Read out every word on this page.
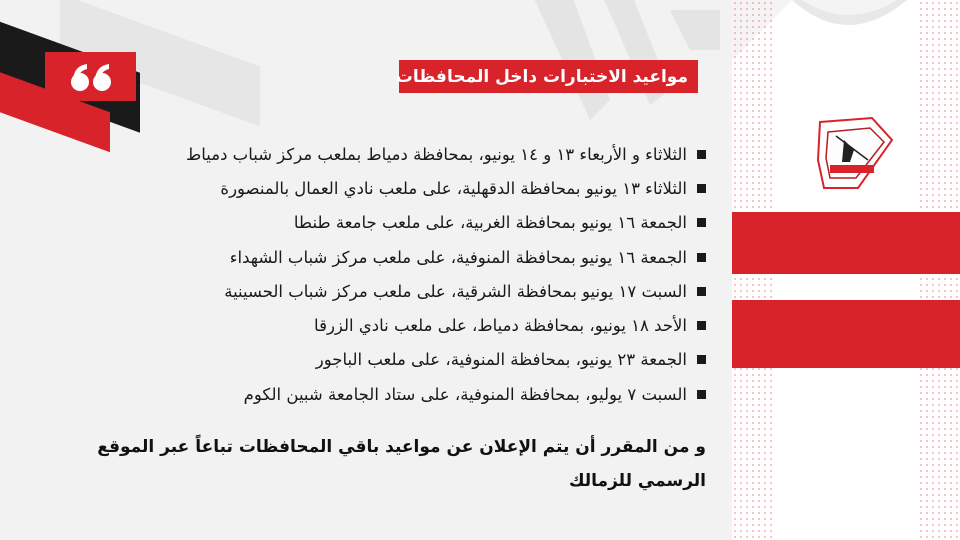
مواعيد الاختبارات داخل المحافظات
الثلاثاء و الأربعاء ١٣ و ١٤ يونيو، بمحافظة دمياط بملعب مركز شباب دمياط
الثلاثاء ١٣ يونيو بمحافظة الدقهلية، على ملعب نادي العمال بالمنصورة
الجمعة ١٦ يونيو بمحافظة الغربية، على ملعب جامعة طنطا
الجمعة ١٦ يونيو بمحافظة المنوفية، على ملعب مركز شباب الشهداء
السبت ١٧ يونيو بمحافظة الشرقية، على ملعب مركز شباب الحسينية
الأحد ١٨ يونيو، بمحافظة دمياط، على ملعب نادي الزرقا
الجمعة ٢٣ يونيو، بمحافظة المنوفية، على ملعب الباجور
السبت ٧ يوليو، بمحافظة المنوفية، على ستاد الجامعة شبين الكوم

و من المقرر أن يتم الإعلان عن مواعيد باقي المحافظات تباعاً عبر الموقع الرسمي للزمالك
